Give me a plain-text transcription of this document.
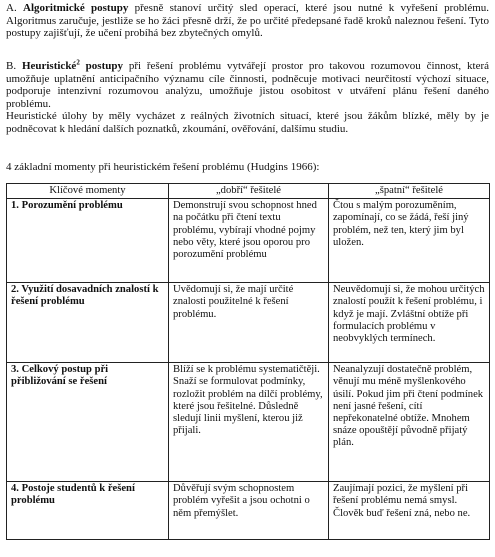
A. Algoritmické postupy přesně stanoví určitý sled operací, které jsou nutné k vyřešení problému. Algoritmus zaručuje, jestliže se ho žáci přesně drží, že po určité předepsané řadě kroků naleznou řešení. Tyto postupy zajišťují, že učení probíhá bez zbytečných omylů.

B. Heuristické$^2$ postupy při řešení problému vytvářejí prostor pro takovou rozumovou činnost, která umožňuje uplatnění anticipačního významu cíle činnosti, podněcuje motivaci neurčitostí výchozí situace, podporuje intenzivní rozumovou analýzu, umožňuje jistou osobitost v utváření plánu řešení daného problému.

Heuristické úlohy by měly vycházet z reálných životních situací, které jsou žákům blízké, měly by je podněcovat k hledání dalších poznatků, zkoumání, ověřování, dalšímu studiu.

4 základní momenty při heuristickém řešení problému (Hudgins 1966):

Klíčové momenty	„dobří“ řešitelé	„špatní“ řešitelé
1. Porozumění problému	Demonstrují svou schopnost hned na počátku při čtení textu problému, vybírají vhodné pojmy nebo věty, které jsou oporou pro porozumění problému	Čtou s malým porozuměním, zapomínají, co se žádá, řeší jiný problém, než ten, který jim byl uložen.
2. Využití dosavadních znalostí k řešení problému	Uvědomují si, že mají určité znalosti použitelné k řešení problému.	Neuvědomují si, že mohou určitých znalostí použít k řešení problému, i když je mají. Zvláštní obtíže při formulacích problému v neobvyklých termínech.
3. Celkový postup při přibližování se řešení	Blíží se k problému systematičtěji. Snaží se formulovat podmínky, rozložit problém na dílčí problémy, které jsou řešitelné. Důsledně sledují linii myšlení, kterou již přijali.	Neanalyzují dostatečně problém, věnují mu méně myšlenkového úsilí. Pokud jim při čtení podmínek není jasné řešení, cítí nepřekonatelné obtíže. Mnohem snáze opouštějí původně přijatý plán.
4. Postoje studentů k řešení problému	Důvěřují svým schopnostem problém vyřešit a jsou ochotni o něm přemýšlet.	Zaujímají pozici, že myšlení při řešení problému nemá smysl. Člověk buď řešení zná, nebo ne.
